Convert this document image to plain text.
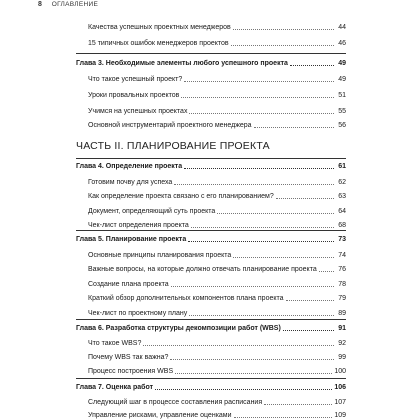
8 ОГЛАВЛЕНИЕ
Качества успешных проектных менеджеров	44
15 типичных ошибок менеджеров проектов	46
Глава 3. Необходимые элементы любого успешного проекта	49
Что такое успешный проект?	49
Уроки провальных проектов	51
Учимся на успешных проектах	55
Основной инструментарий проектного менеджера	56
ЧАСТЬ II. ПЛАНИРОВАНИЕ ПРОЕКТА
Глава 4. Определение проекта	61
Готовим почву для успеха	62
Как определение проекта связано с его планированием?	63
Документ, определяющий суть проекта	64
Чек-лист определения проекта	68
Глава 5. Планирование проекта	73
Основные принципы планирования проекта	74
Важные вопросы, на которые должно отвечать планирование проекта	76
Создание плана проекта	78
Краткий обзор дополнительных компонентов плана проекта	79
Чек-лист по проектному плану	89
Глава 6. Разработка структуры декомпозиции работ (WBS)	91
Что такое WBS?	92
Почему WBS так важна?	99
Процесс построения WBS	100
Глава 7. Оценка работ	106
Следующий шаг в процессе составления расписания	107
Управление рисками, управление оценками	109
